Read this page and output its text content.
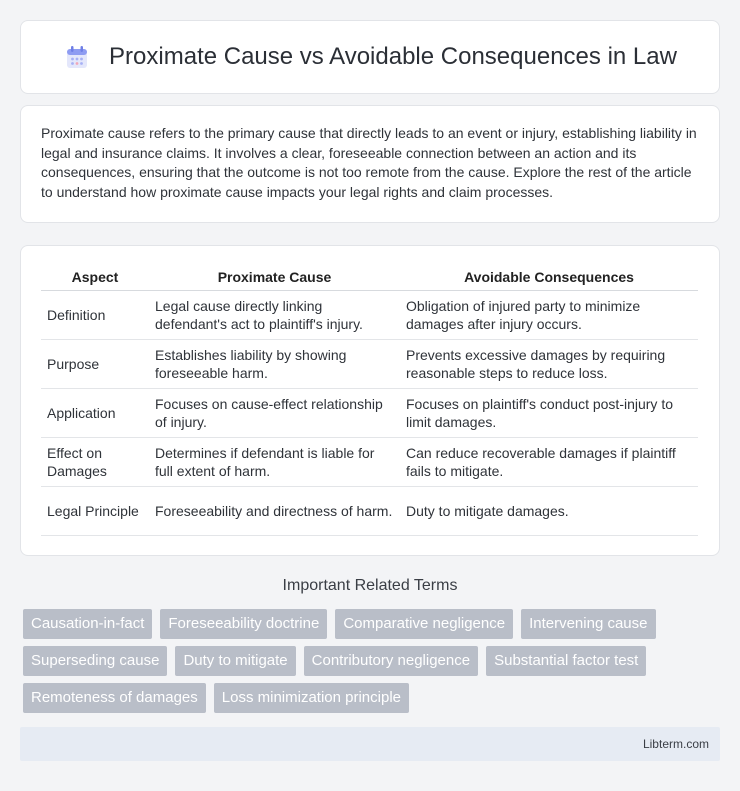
Proximate Cause vs Avoidable Consequences in Law

Proximate cause refers to the primary cause that directly leads to an event or injury, establishing liability in legal and insurance claims. It involves a clear, foreseeable connection between an action and its consequences, ensuring that the outcome is not too remote from the cause. Explore the rest of the article to understand how proximate cause impacts your legal rights and claim processes.

Aspect	Proximate Cause	Avoidable Consequences
Definition	Legal cause directly linking defendant's act to plaintiff's injury.	Obligation of injured party to minimize damages after injury occurs.
Purpose	Establishes liability by showing foreseeable harm.	Prevents excessive damages by requiring reasonable steps to reduce loss.
Application	Focuses on cause-effect relationship of injury.	Focuses on plaintiff's conduct post-injury to limit damages.
Effect on Damages	Determines if defendant is liable for full extent of harm.	Can reduce recoverable damages if plaintiff fails to mitigate.
Legal Principle	Foreseeability and directness of harm.	Duty to mitigate damages.
Important Related Terms
Causation-in-fact	Foreseeability doctrine	Comparative negligence	Intervening cause
Superseding cause	Duty to mitigate	Contributory negligence	Substantial factor test
Remoteness of damages	Loss minimization principle
Libterm.com
